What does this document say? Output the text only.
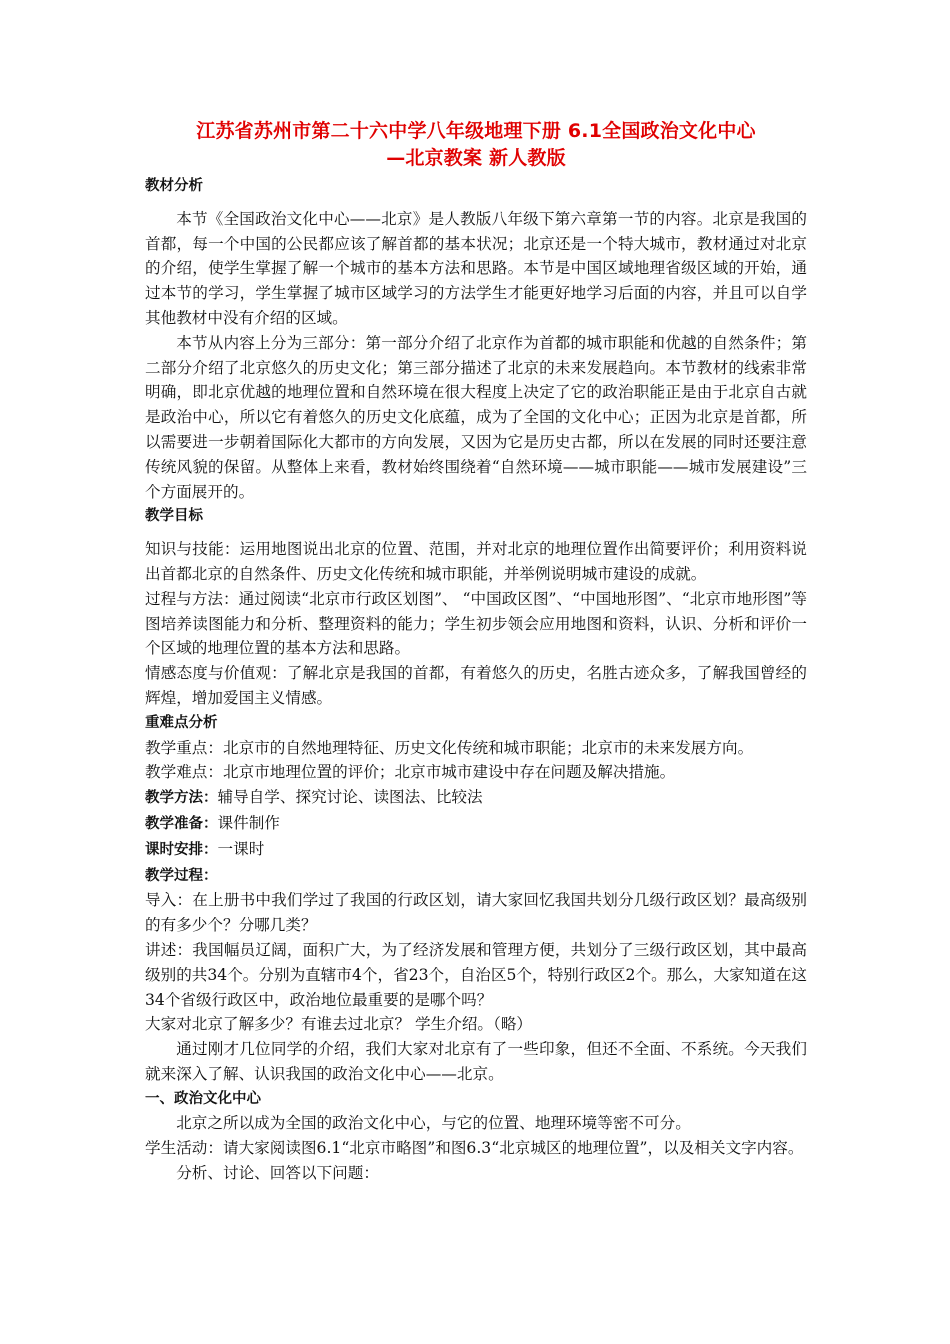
江苏省苏州市第二十六中学八年级地理下册 6.1全国政治文化中心
—北京教案 新人教版

教材分析

本节《全国政治文化中心——北京》是人教版八年级下第六章第一节的内容。北京是我国的首都，每一个中国的公民都应该了解首都的基本状况；北京还是一个特大城市，教材通过对北京的介绍，使学生掌握了解一个城市的基本方法和思路。本节是中国区域地理省级区域的开始，通过本节的学习，学生掌握了城市区域学习的方法学生才能更好地学习后面的内容，并且可以自学其他教材中没有介绍的区域。

本节从内容上分为三部分：第一部分介绍了北京作为首都的城市职能和优越的自然条件；第二部分介绍了北京悠久的历史文化；第三部分描述了北京的未来发展趋向。本节教材的线索非常明确，即北京优越的地理位置和自然环境在很大程度上决定了它的政治职能正是由于北京自古就是政治中心，所以它有着悠久的历史文化底蕴，成为了全国的文化中心；正因为北京是首都，所以需要进一步朝着国际化大都市的方向发展，又因为它是历史古都，所以在发展的同时还要注意传统风貌的保留。从整体上来看，教材始终围绕着“自然环境——城市职能——城市发展建设”三个方面展开的。

教学目标

知识与技能：运用地图说出北京的位置、范围，并对北京的地理位置作出简要评价；利用资料说出首都北京的自然条件、历史文化传统和城市职能，并举例说明城市建设的成就。

过程与方法：通过阅读“北京市行政区划图”、 “中国政区图”、“中国地形图”、“北京市地形图”等图培养读图能力和分析、整理资料的能力；学生初步领会应用地图和资料，认识、分析和评价一个区域的地理位置的基本方法和思路。

情感态度与价值观：了解北京是我国的首都，有着悠久的历史，名胜古迹众多，了解我国曾经的辉煌，增加爱国主义情感。

重难点分析

教学重点：北京市的自然地理特征、历史文化传统和城市职能；北京市的未来发展方向。

教学难点：北京市地理位置的评价；北京市城市建设中存在问题及解决措施。

教学方法：辅导自学、探究讨论、读图法、比较法

教学准备：课件制作

课时安排：一课时

教学过程：

导入：在上册书中我们学过了我国的行政区划，请大家回忆我国共划分几级行政区划？最高级别的有多少个？分哪几类？

讲述：我国幅员辽阔，面积广大，为了经济发展和管理方便，共划分了三级行政区划，其中最高级别的共34个。分别为直辖市4个，省23个，自治区5个，特别行政区2个。那么，大家知道在这34个省级行政区中，政治地位最重要的是哪个吗？

大家对北京了解多少？有谁去过北京？ 学生介绍。（略）

通过刚才几位同学的介绍，我们大家对北京有了一些印象，但还不全面、不系统。今天我们就来深入了解、认识我国的政治文化中心——北京。

一、政治文化中心

北京之所以成为全国的政治文化中心，与它的位置、地理环境等密不可分。

学生活动：请大家阅读图6.1“北京市略图”和图6.3“北京城区的地理位置”，以及相关文字内容。

分析、讨论、回答以下问题：
